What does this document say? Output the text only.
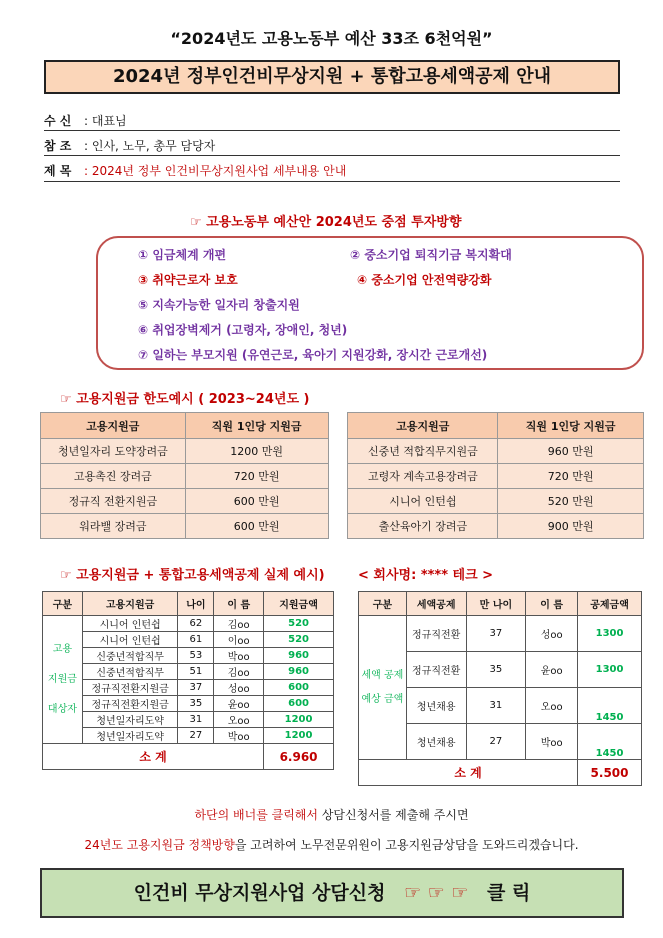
“2024년도 고용노동부 예산 33조 6천억원”
2024년 정부인건비무상지원 + 통합고용세액공제 안내
수 신 : 대표님
참 조 : 인사, 노무, 총무 담당자
제 목 : 2024년 정부 인건비무상지원사업 세부내용 안내
☞ 고용노동부 예산안 2024년도 중점 투자방향
① 임금체계 개편	② 중소기업 퇴직기금 복지확대
③ 취약근로자 보호	④ 중소기업 안전역량강화
⑤ 지속가능한 일자리 창출지원
⑥ 취업장벽제거 (고령자, 장애인, 청년)
⑦ 일하는 부모지원 (유연근로, 육아기 지원강화, 장시간 근로개선)
☞ 고용지원금 한도예시 ( 2023~24년도 )
고용지원금	직원 1인당 지원금		고용지원금	직원 1인당 지원금
청년일자리 도약장려금	1200 만원		신중년 적합직무지원금	960 만원
고용촉진 장려금	720 만원		고령자 계속고용장려금	720 만원
정규직 전환지원금	600 만원		시니어 인턴쉽	520 만원
워라밸 장려금	600 만원		출산육아기 장려금	900 만원
☞ 고용지원금 + 통합고용세액공제 실제 예시)	< 회사명: **** 테크 >
구분	고용지원금	나이	이 름	지원금액

고용
지원금
대상자	시니어 인턴쉽	62	김oo	520
	시니어 인턴쉽	61	이oo	520
	신중년적합직무	53	박oo	960
	신중년적합직무	51	김oo	960
	정규직전환지원금	37	성oo	600
	정규직전환지원금	35	윤oo	600
	청년일자리도약	31	오oo	1200
	청년일자리도약	27	박oo	1200
소 계				6.960
구분	세액공제	만 나이	이 름	공제금액

세액 공제
예상 금액	정규직전환	37	성oo	1300
	정규직전환	35	윤oo	1300
	청년채용	31	오oo	1450
	청년채용	27	박oo	1450
소 계				5.500
하단의 배너를 클릭해서 상담신청서를 제출해 주시면
24년도 고용지원금 정책방향을 고려하여 노무전문위원이 고용지원금상담을 도와드리겠습니다.
인건비 무상지원사업 상담신청 ☞ ☞ ☞ 클 릭
